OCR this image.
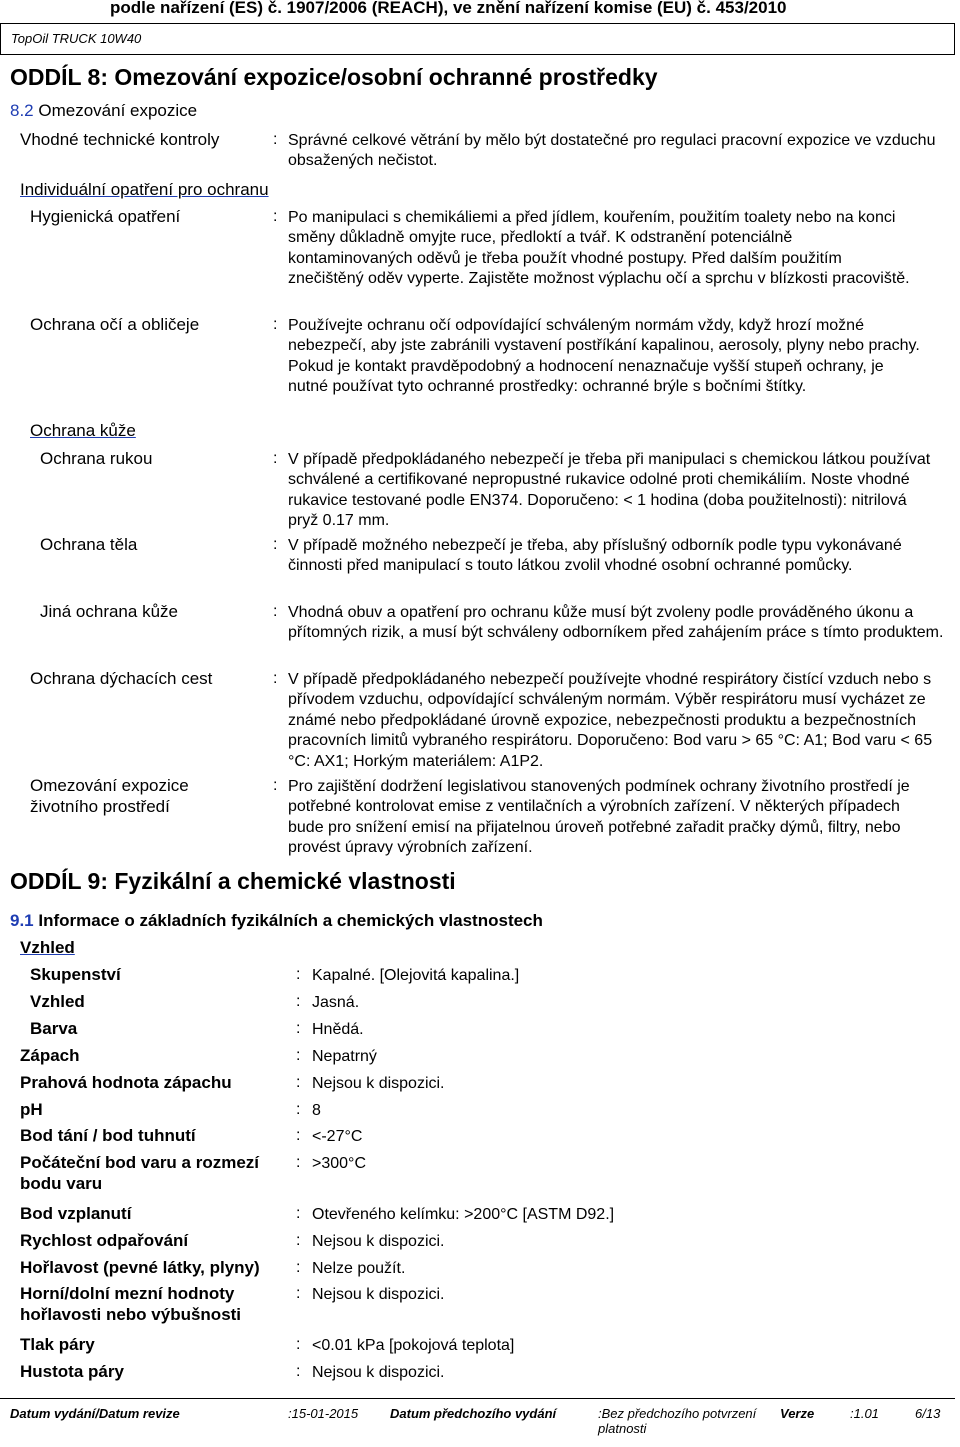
podle nařízení (ES) č. 1907/2006 (REACH), ve znění nařízení komise (EU) č. 453/2010
TopOil TRUCK 10W40
ODDÍL 8: Omezování expozice/osobní ochranné prostředky
8.2 Omezování expozice
Vhodné technické kontroly	: Správné celkové větrání by mělo být dostatečné pro regulaci pracovní expozice ve vzduchu obsažených nečistot.
Individuální opatření pro ochranu
Hygienická opatření	: Po manipulaci s chemikáliemi a před jídlem, kouřením, použitím toalety nebo na konci směny důkladně omyjte ruce, předloktí a tvář. K odstranění potenciálně kontaminovaných oděvů je třeba použít vhodné postupy. Před dalším použitím znečištěný oděv vyperte. Zajistěte možnost výplachu očí a sprchu v blízkosti pracoviště.
Ochrana očí a obličeje	: Používejte ochranu očí odpovídající schváleným normám vždy, když hrozí možné nebezpečí, aby jste zabránili vystavení postříkání kapalinou, aerosoly, plyny nebo prachy. Pokud je kontakt pravděpodobný a hodnocení nenaznačuje vyšší stupeň ochrany, je nutné používat tyto ochranné prostředky: ochranné brýle s bočními štítky.
Ochrana kůže
Ochrana rukou	: V případě předpokládaného nebezpečí je třeba při manipulaci s chemickou látkou používat schválené a certifikované nepropustné rukavice odolné proti chemikáliím. Noste vhodné rukavice testované podle EN374. Doporučeno: < 1 hodina (doba použitelnosti): nitrilová pryž 0.17 mm.
Ochrana těla	: V případě možného nebezpečí je třeba, aby příslušný odborník podle typu vykonávané činnosti před manipulací s touto látkou zvolil vhodné osobní ochranné pomůcky.
Jiná ochrana kůže	: Vhodná obuv a opatření pro ochranu kůže musí být zvoleny podle prováděného úkonu a přítomných rizik, a musí být schváleny odborníkem před zahájením práce s tímto produktem.
Ochrana dýchacích cest	: V případě předpokládaného nebezpečí používejte vhodné respirátory čistící vzduch nebo s přívodem vzduchu, odpovídající schváleným normám. Výběr respirátoru musí vycházet ze známé nebo předpokládané úrovně expozice, nebezpečnosti produktu a bezpečnostních pracovních limitů vybraného respirátoru. Doporučeno: Bod varu > 65 °C: A1; Bod varu < 65 °C: AX1; Horkým materiálem: A1P2.
Omezování expozice životního prostředí
: Pro zajištění dodržení legislativou stanovených podmínek ochrany životního prostředí je potřebné kontrolovat emise z ventilačních a výrobních zařízení. V některých případech bude pro snížení emisí na přijatelnou úroveň potřebné zařadit pračky dýmů, filtry, nebo provést úpravy výrobních zařízení.
ODDÍL 9: Fyzikální a chemické vlastnosti
9.1 Informace o základních fyzikálních a chemických vlastnostech
Vzhled
Skupenství	: Kapalné. [Olejovitá kapalina.]
Vzhled	: Jasná.
Barva	: Hnědá.
Zápach	: Nepatrný
Prahová hodnota zápachu	: Nejsou k dispozici.
pH	: 8
Bod tání / bod tuhnutí	: <-27°C
Počáteční bod varu a rozmezí bodu varu
: >300°C
Bod vzplanutí	: Otevřeného kelímku: >200°C [ASTM D92.]
Rychlost odpařování	: Nejsou k dispozici.
Hořlavost (pevné látky, plyny)	: Nelze použít.
Horní/dolní mezní hodnoty hořlavosti nebo výbušnosti
: Nejsou k dispozici.
Tlak páry	: <0.01 kPa [pokojová teplota]
Hustota páry	: Nejsou k dispozici.
Datum vydání/Datum revize	:15-01-2015 Datum předchozího vydání	:Bez předchozího potvrzení platnosti
Verze	:1.01	6/13
